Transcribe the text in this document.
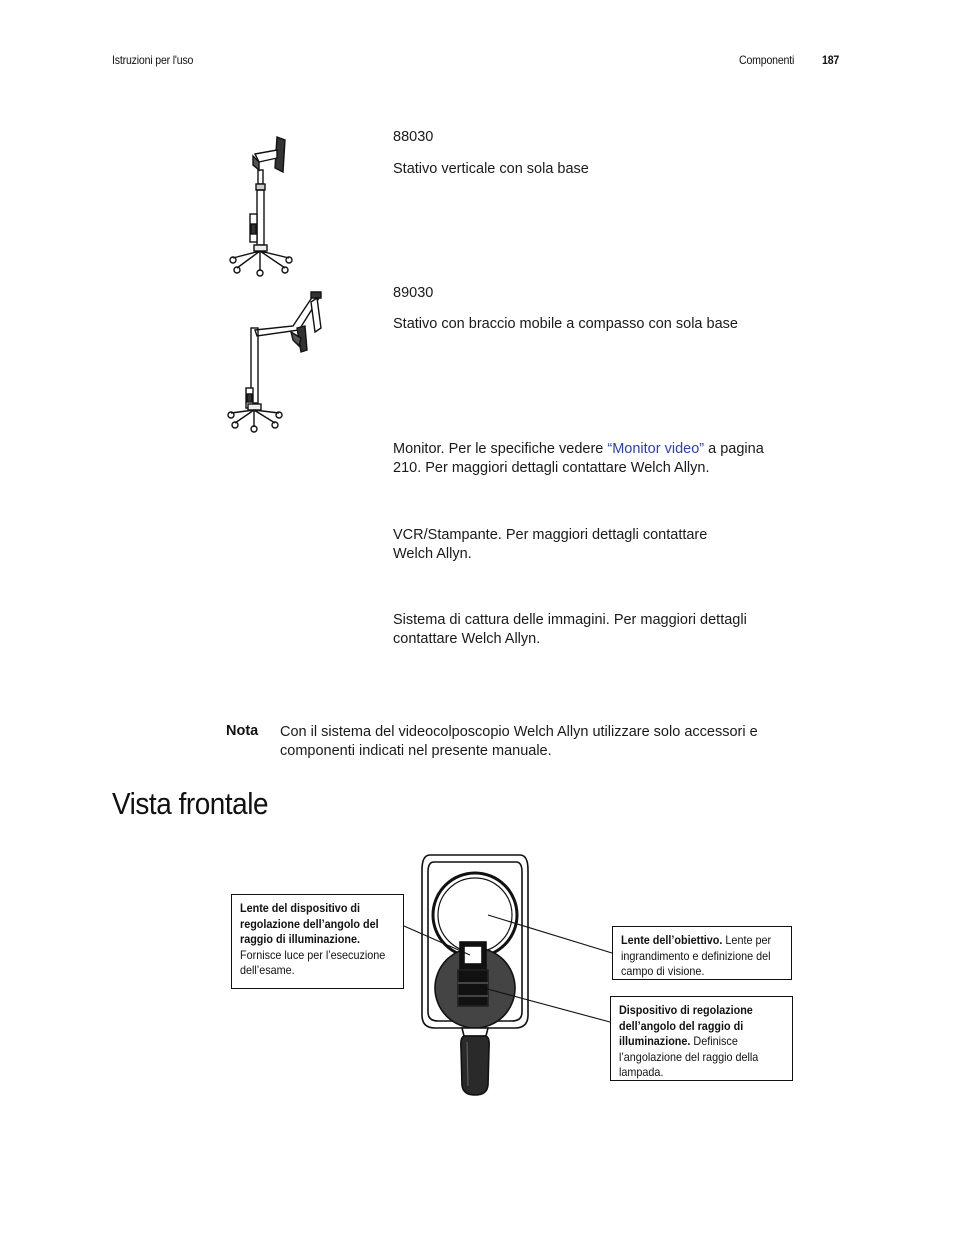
Istruzioni per l'uso	Componenti 187
88030
Stativo verticale con sola base
89030
Stativo con braccio mobile a compasso con sola base
Monitor. Per le specifiche vedere “Monitor video” a pagina 210. Per maggiori dettagli contattare Welch Allyn.
VCR/Stampante. Per maggiori dettagli contattare Welch Allyn.
Sistema di cattura delle immagini. Per maggiori dettagli contattare Welch Allyn.
Nota Con il sistema del videocolposcopio Welch Allyn utilizzare solo accessori e componenti indicati nel presente manuale.
Vista frontale
Lente del dispositivo di regolazione dell’angolo del raggio di illuminazione. Fornisce luce per l’esecuzione dell’esame.
Lente dell’obiettivo. Lente per ingrandimento e definizione del campo di visione.
Dispositivo di regolazione dell’angolo del raggio di illuminazione. Definisce l’angolazione del raggio della lampada.
